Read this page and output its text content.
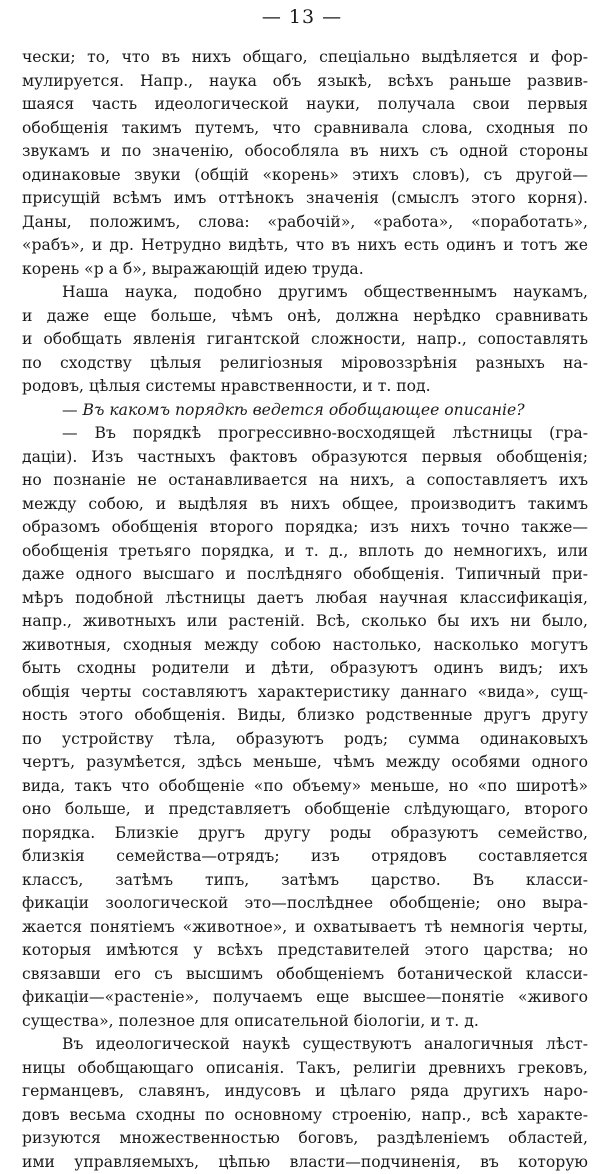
— 13 —
чески; то, что въ нихъ общаго, спеціально выдѣляется и фор-
мулируется. Напр., наука объ языкѣ, всѣхъ раньше развив-
шаяся часть идеологической науки, получала свои первыя
обобщенія такимъ путемъ, что сравнивала слова, сходныя по
звукамъ и по значенію, обособляла въ нихъ съ одной стороны
одинаковые звуки (общій «корень» этихъ словъ), съ другой—
присущій всѣмъ имъ оттѣнокъ значенія (смыслъ этого корня).
Даны, положимъ, слова: «рабочій», «работа», «поработать»,
«рабъ», и др. Нетрудно видѣть, что въ нихъ есть одинъ и тотъ же
корень «р а б», выражающій идею труда.
Наша наука, подобно другимъ общественнымъ наукамъ,
и даже еще больше, чѣмъ онѣ, должна нерѣдко сравнивать
и обобщать явленія гигантской сложности, напр., сопоставлять
по сходству цѣлыя религіозныя міровоззрѣнія разныхъ на-
родовъ, цѣлыя системы нравственности, и т. под.
— Въ какомъ порядкѣ ведется обобщающее описаніе?
— Въ порядкѣ прогрессивно-восходящей лѣстницы (гра-
даціи). Изъ частныхъ фактовъ образуются первыя обобщенія;
но познаніе не останавливается на нихъ, а сопоставляетъ ихъ
между собою, и выдѣляя въ нихъ общее, производитъ такимъ
образомъ обобщенія второго порядка; изъ нихъ точно также—
обобщенія третьяго порядка, и т. д., вплоть до немногихъ, или
даже одного высшаго и послѣдняго обобщенія. Типичный при-
мѣръ подобной лѣстницы даетъ любая научная классификація,
напр., животныхъ или растеній. Всѣ, сколько бы ихъ ни было,
животныя, сходныя между собою настолько, насколько могутъ
быть сходны родители и дѣти, образуютъ одинъ видъ; ихъ
общія черты составляютъ характеристику даннаго «вида», сущ-
ность этого обобщенія. Виды, близко родственные другъ другу
по устройству тѣла, образуютъ родъ; сумма одинаковыхъ
чертъ, разумѣется, здѣсь меньше, чѣмъ между особями одного
вида, такъ что обобщеніе «по объему» меньше, но «по широтѣ»
оно больше, и представляетъ обобщеніе слѣдующаго, второго
порядка. Близкіе другъ другу роды образуютъ семейство,
близкія семейства—отрядъ; изъ отрядовъ составляется
классъ, затѣмъ типъ, затѣмъ царство. Въ класси-
фикаціи зоологической это—послѣднее обобщеніе; оно выра-
жается понятіемъ «животное», и охватываетъ тѣ немногія черты,
которыя имѣются у всѣхъ представителей этого царства; но
связавши его съ высшимъ обобщеніемъ ботанической класси-
фикаціи—«растеніе», получаемъ еще высшее—понятіе «живого
существа», полезное для описательной біологіи, и т. д.
Въ идеологической наукѣ существуютъ аналогичныя лѣст-
ницы обобщающаго описанія. Такъ, религіи древнихъ грековъ,
германцевъ, славянъ, индусовъ и цѣлаго ряда другихъ наро-
довъ весьма сходны по основному строенію, напр., всѣ характе-
ризуются множественностью боговъ, раздѣленіемъ областей,
ими управляемыхъ, цѣпью власти—подчиненія, въ которую
